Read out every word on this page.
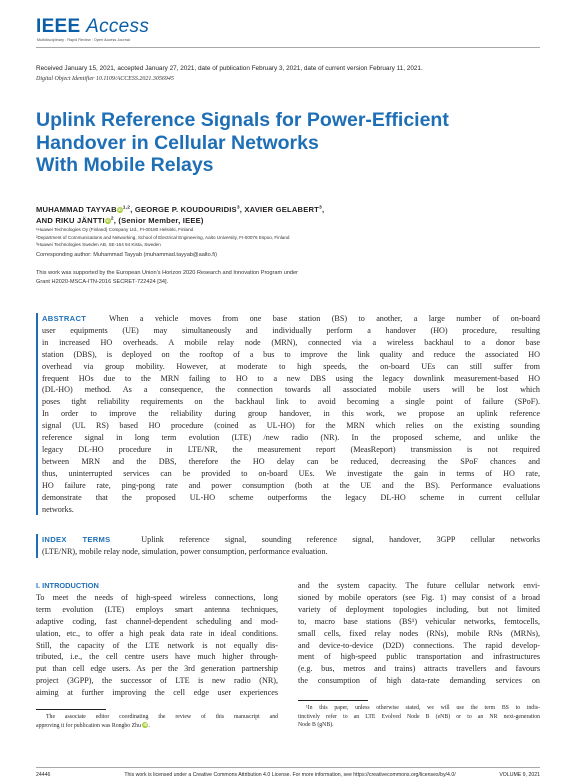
IEEE Access
Multidisciplinary : Rapid Review : Open Access Journal
Received January 15, 2021, accepted January 27, 2021, date of publication February 3, 2021, date of current version February 11, 2021.
Digital Object Identifier 10.1109/ACCESS.2021.3056945
Uplink Reference Signals for Power-Efficient
Handover in Cellular Networks
With Mobile Relays
MUHAMMAD TAYYABiD$^{1,2}$, GEORGE P. KOUDOURIDIS$^3$, XAVIER GELABERT$^3$,
AND RIKU JÄNTTIiD$^2$, (Senior Member, IEEE)
¹Huawei Technologies Oy (Finland) Company Ltd., FI-00180 Helsinki, Finland
²Department of Communications and Networking, School of Electrical Engineering, Aalto University, FI-00076 Espoo, Finland
³Huawei Technologies Sweden AB, SE-164 94 Kista, Sweden
Corresponding author: Muhammad Tayyab (muhammad.tayyab@aalto.fi)
This work was supported by the European Union’s Horizon 2020 Research and Innovation Program under
Grant H2020-MSCA-ITN-2016 SECRET-722424 [34].
ABSTRACT	When a vehicle moves from one base station (BS) to another, a large number of on-board
user equipments (UE) may simultaneously and individually perform a handover (HO) procedure, resulting
in increased HO overheads. A mobile relay node (MRN), connected via a wireless backhaul to a donor base
station (DBS), is deployed on the rooftop of a bus to improve the link quality and reduce the associated HO
overhead via group mobility. However, at moderate to high speeds, the on-board UEs can still suffer from
frequent HOs due to the MRN failing to HO to a new DBS using the legacy downlink measurement-based HO
(DL-HO) method. As a consequence, the connection towards all associated mobile users will be lost which
poses tight reliability requirements on the backhaul link to avoid becoming a single point of failure (SPoF).
In order to improve the reliability during group handover, in this work, we propose an uplink reference
signal (UL RS) based HO procedure (coined as UL-HO) for the MRN which relies on the existing sounding
reference signal in long term evolution (LTE) /new radio (NR). In the proposed scheme, and unlike the
legacy DL-HO procedure in LTE/NR, the measurement report (MeasReport) transmission is not required
between MRN and the DBS, therefore the HO delay can be reduced, decreasing the SPoF chances and
thus, uninterrupted services can be provided to on-board UEs. We investigate the gain in terms of HO rate,
HO failure rate, ping-pong rate and power consumption (both at the UE and the BS). Performance evaluations
demonstrate that the proposed UL-HO scheme outperforms the legacy DL-HO scheme in current cellular
networks.
INDEX TERMS	Uplink reference signal, sounding reference signal, handover, 3GPP cellular networks
(LTE/NR), mobile relay node, simulation, power consumption, performance evaluation.
I. INTRODUCTION
To meet the needs of high-speed wireless connections, long
term evolution (LTE) employs smart antenna techniques,
adaptive coding, fast channel-dependent scheduling and mod-
ulation, etc., to offer a high peak data rate in ideal conditions.
Still, the capacity of the LTE network is not equally dis-
tributed, i.e., the cell centre users have much higher through-
put than cell edge users. As per the 3rd generation partnership
project (3GPP), the successor of LTE is new radio (NR),
aiming at further improving the cell edge user experiences
The associate editor coordinating the review of this manuscript and
approving it for publication was Rongbo Zhu iD.
and the system capacity. The future cellular network envi-
sioned by mobile operators (see Fig. 1) may consist of a broad
variety of deployment topologies including, but not limited
to, macro base stations (BS¹) vehicular networks, femtocells,
small cells, fixed relay nodes (RNs), mobile RNs (MRNs),
and device-to-device (D2D) connections. The rapid develop-
ment of high-speed public transportation and infrastructures
(e.g. bus, metros and trains) attracts travellers and favours
the consumption of high data-rate demanding services on
¹In this paper, unless otherwise stated, we will use the term BS to indis-
tinctively refer to an LTE Evolved Node B (eNB) or to an NR next-generation
Node B (gNB).
24446	This work is licensed under a Creative Commons Attribution 4.0 License. For more information, see https://creativecommons.org/licenses/by/4.0/	VOLUME 9, 2021
